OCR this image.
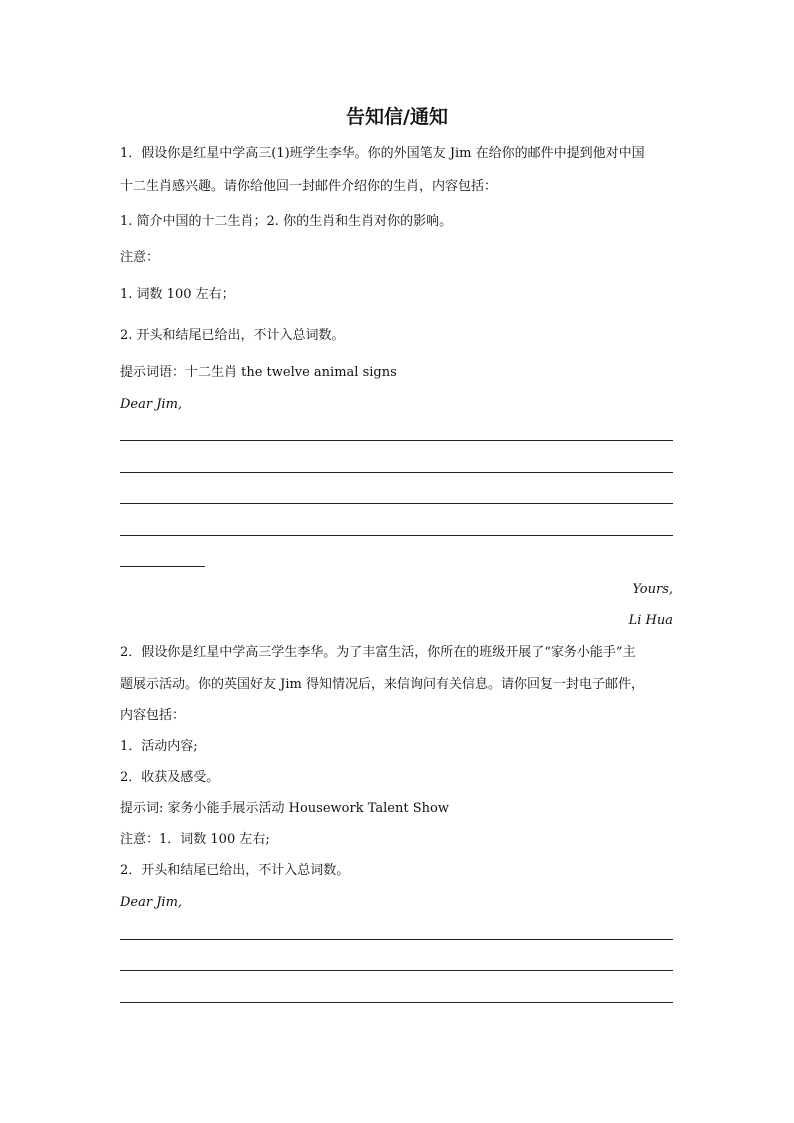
告知信/通知
1．假设你是红星中学高三(1)班学生李华。你的外国笔友 Jim 在给你的邮件中提到他对中国
十二生肖感兴趣。请你给他回一封邮件介绍你的生肖，内容包括：
1. 简介中国的十二生肖；2. 你的生肖和生肖对你的影响。
注意：
1. 词数 100 左右；
2. 开头和结尾已给出，不计入总词数。
提示词语：十二生肖 the twelve animal signs
Dear Jim,
Yours,
Li Hua
2．假设你是红星中学高三学生李华。为了丰富生活，你所在的班级开展了“家务小能手”主
题展示活动。你的英国好友 Jim 得知情况后，来信询问有关信息。请你回复一封电子邮件，
内容包括：
1．活动内容;
2．收获及感受。
提示词: 家务小能手展示活动 Housework Talent Show
注意：1．词数 100 左右;
2．开头和结尾已给出，不计入总词数。
Dear Jim,
